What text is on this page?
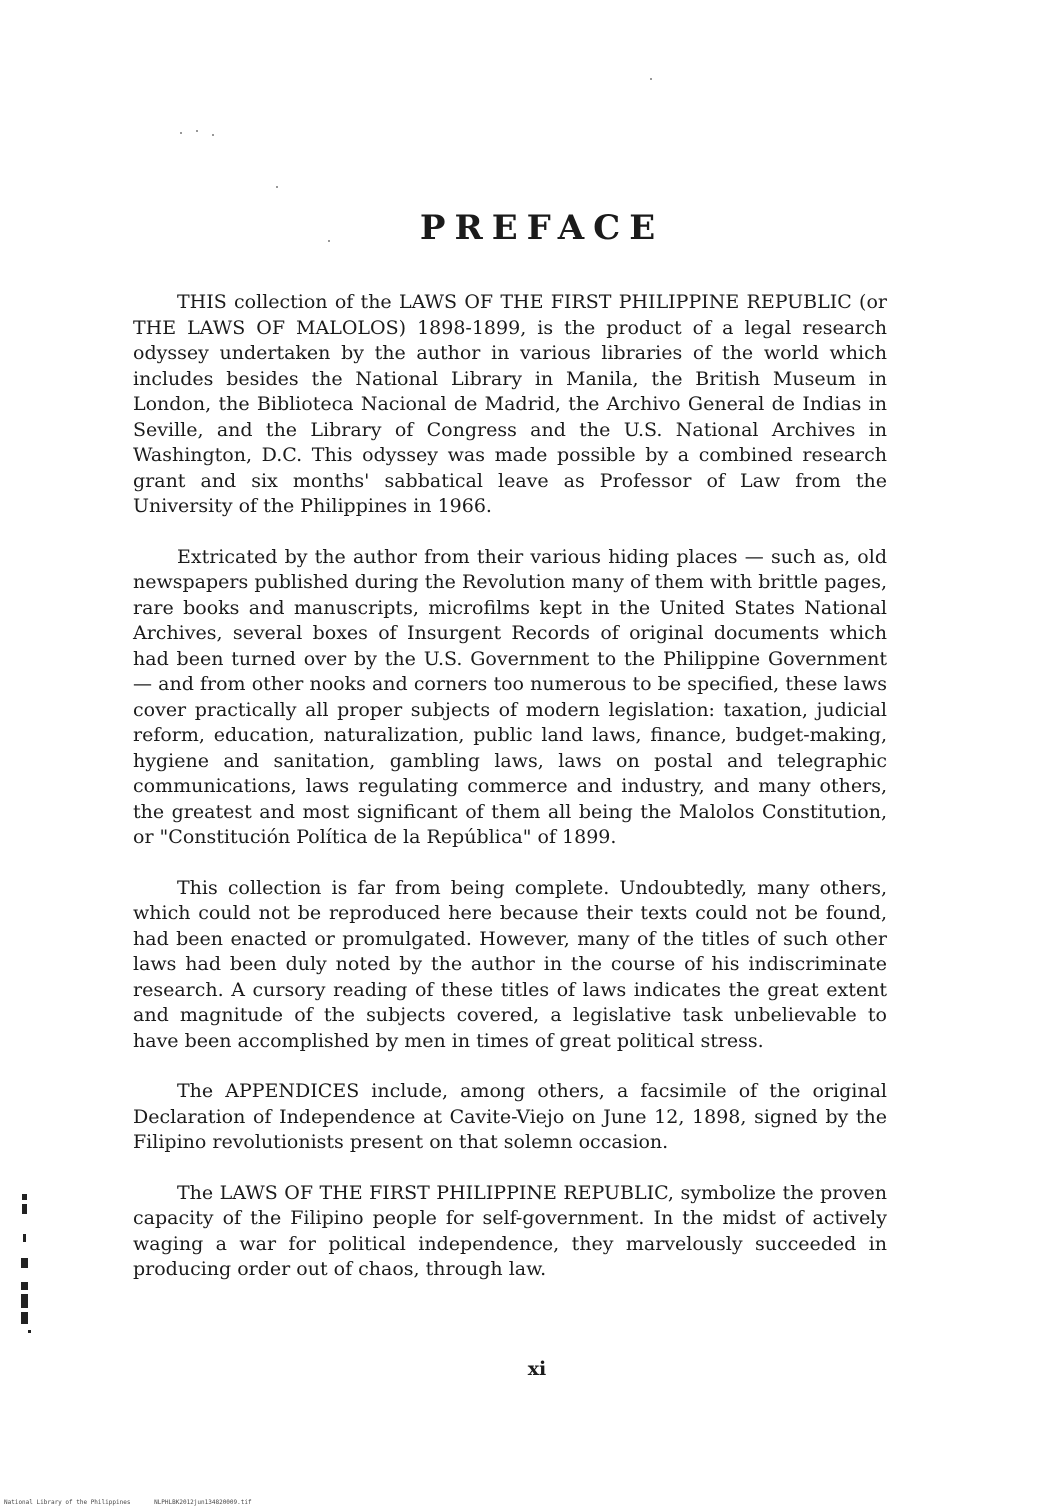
PREFACE

THIS collection of the LAWS OF THE FIRST PHILIPPINE REPUBLIC (or THE LAWS OF MALOLOS) 1898-1899, is the product of a legal research odyssey undertaken by the author in various libraries of the world which includes besides the National Library in Manila, the British Museum in London, the Biblioteca Nacional de Madrid, the Archivo General de Indias in Seville, and the Library of Congress and the U.S. National Archives in Washington, D.C. This odyssey was made possible by a combined research grant and six months' sabbatical leave as Professor of Law from the University of the Philippines in 1966.

Extricated by the author from their various hiding places — such as, old newspapers published during the Revolution many of them with brittle pages, rare books and manuscripts, microfilms kept in the United States National Archives, several boxes of Insurgent Records of original documents which had been turned over by the U.S. Government to the Philippine Government — and from other nooks and corners too numerous to be specified, these laws cover practically all proper subjects of modern legislation: taxation, judicial reform, education, naturalization, public land laws, finance, budget-making, hygiene and sanitation, gambling laws, laws on postal and telegraphic communications, laws regulating commerce and industry, and many others, the greatest and most significant of them all being the Malolos Constitution, or "Constitución Política de la República" of 1899.

This collection is far from being complete. Undoubtedly, many others, which could not be reproduced here because their texts could not be found, had been enacted or promulgated. However, many of the titles of such other laws had been duly noted by the author in the course of his indiscriminate research. A cursory reading of these titles of laws indicates the great extent and magnitude of the subjects covered, a legislative task unbelievable to have been accomplished by men in times of great political stress.

The APPENDICES include, among others, a facsimile of the original Declaration of Independence at Cavite-Viejo on June 12, 1898, signed by the Filipino revolutionists present on that solemn occasion.

The LAWS OF THE FIRST PHILIPPINE REPUBLIC, symbolize the proven capacity of the Filipino people for self-government. In the midst of actively waging a war for political independence, they marvelously succeeded in producing order out of chaos, through law.

xi
National Library of the Philippines	NLPHLBK2012jun134820009.tif
